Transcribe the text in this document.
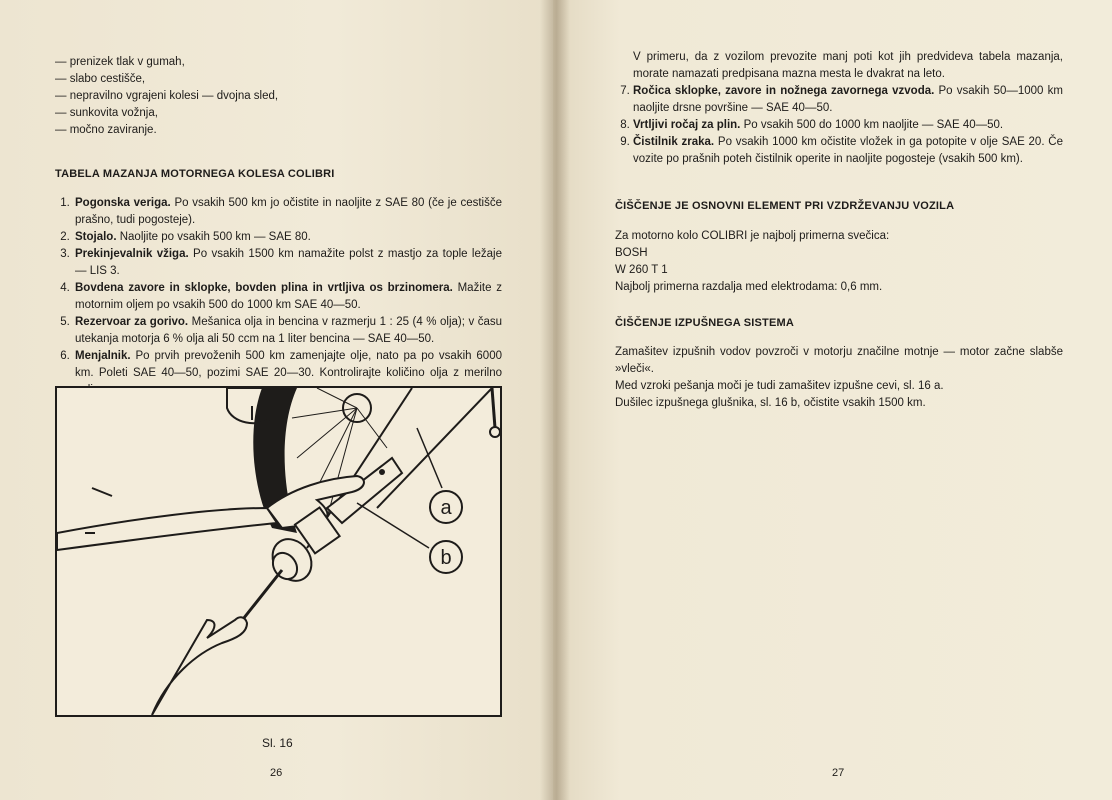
— prenizek tlak v gumah,
— slabo cestišče,
— nepravilno vgrajeni kolesi — dvojna sled,
— sunkovita vožnja,
— močno zaviranje.
TABELA MAZANJA MOTORNEGA KOLESA COLIBRI
1. Pogonska veriga. Po vsakih 500 km jo očistite in naoljite z SAE 80 (če je cestišče prašno, tudi pogosteje).
2. Stojalo. Naoljite po vsakih 500 km — SAE 80.
3. Prekinjevalnik vžiga. Po vsakih 1500 km namažite polst z mastjo za tople ležaje — LIS 3.
4. Bovdena zavore in sklopke, bovden plina in vrtljiva os brzinomera. Mažite z motornim oljem po vsakih 500 do 1000 km SAE 40—50.
5. Rezervoar za gorivo. Mešanica olja in bencina v razmerju 1 : 25 (4 % olja); v času utekanja motorja 6 % olja ali 50 ccm na 1 liter bencina — SAE 40—50.
6. Menjalnik. Po prvih prevoženih 500 km zamenjajte olje, nato pa po vsakih 6000 km. Poleti SAE 40—50, pozimi SAE 20—30. Kontrolirajte količino olja z merilno
a
b
Sl. 16
26
V primeru, da z vozilom prevozite manj poti kot jih predvideva tabela mazanja, morate namazati predpisana mazna mesta le dvakrat na leto.
7. Ročica sklopke, zavore in nožnega zavornega vzvoda. Po vsakih 50—1000 km naoljite drsne površine — SAE 40—50.
8. Vrtljivi ročaj za plin. Po vsakih 500 do 1000 km naoljite — SAE 40—50.
9. Čistilnik zraka. Po vsakih 1000 km očistite vložek in ga potopite v olje SAE 20. Če vozite po prašnih poteh čistilnik operite in naoljite pogosteje (vsakih 500 km).
ČIŠČENJE JE OSNOVNI ELEMENT PRI VZDRŽEVANJU VOZILA

Za motorno kolo COLIBRI je najbolj primerna svečica:

BOSH

W 260 T 1

Najbolj primerna razdalja med elektrodama: 0,6 mm.

ČIŠČENJE IZPUŠNEGA SISTEMA

Zamašitev izpušnih vodov povzroči v motorju značilne motnje — motor začne slabše »vleči«.

Med vzroki pešanja moči je tudi zamašitev izpušne cevi, sl. 16 a.

Dušilec izpušnega glušnika, sl. 16 b, očistite vsakih 1500 km.

27
